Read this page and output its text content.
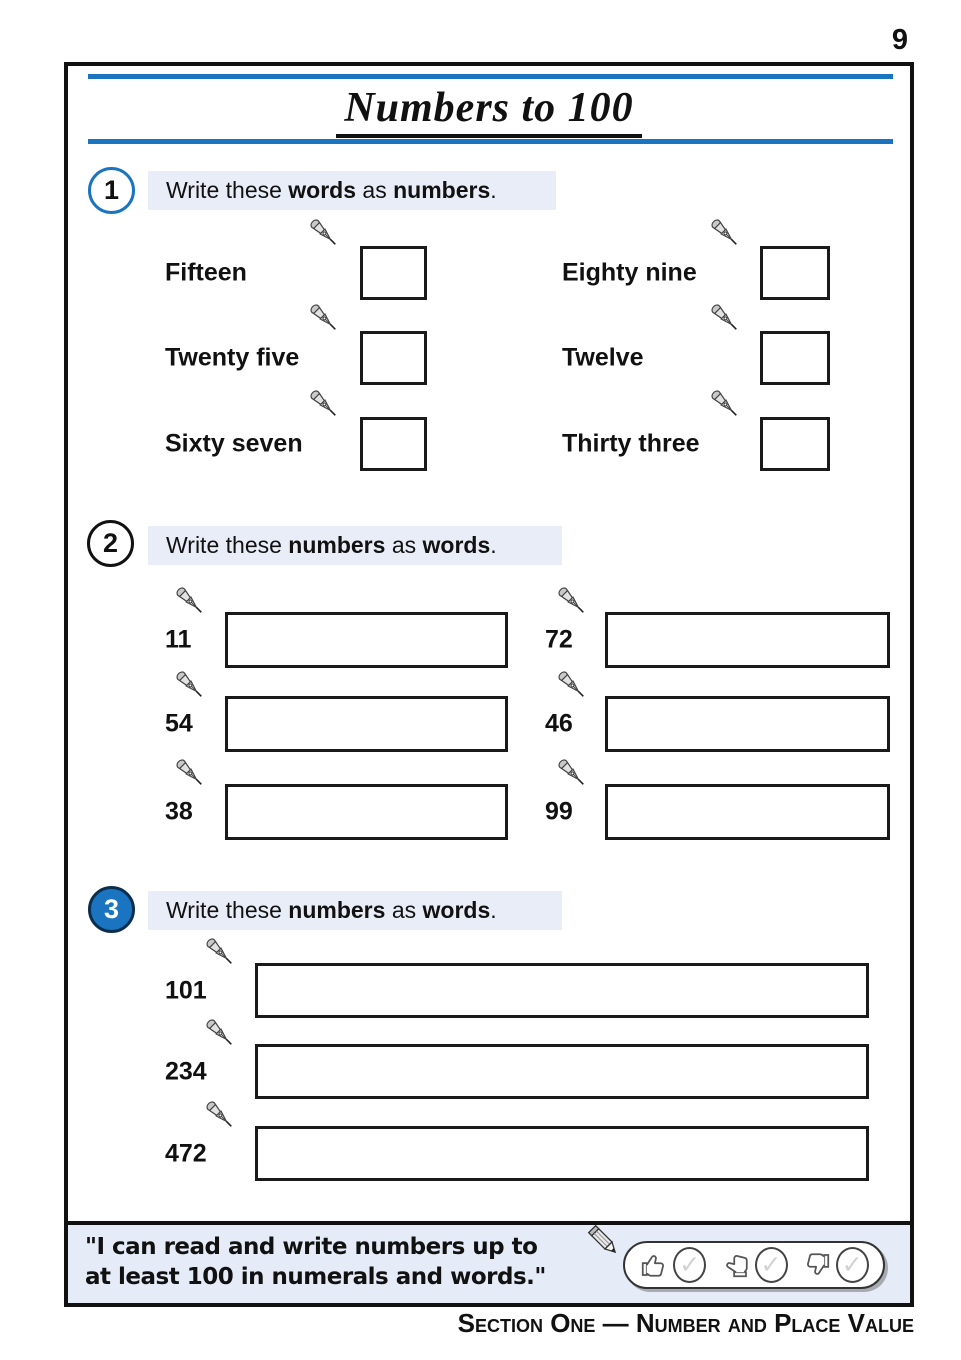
9
Numbers to 100
1	Write these words as numbers .
Fifteen
Twenty five
Sixty seven
Eighty nine
Twelve
Thirty three
2	Write these numbers as words .
11
54
38
72
46
99
3	Write these numbers as words .
101
234
472
"I can read and write numbers up to
at least 100 in numerals and words."	✓ ✓ ✓
Section One — Number and Place Value
